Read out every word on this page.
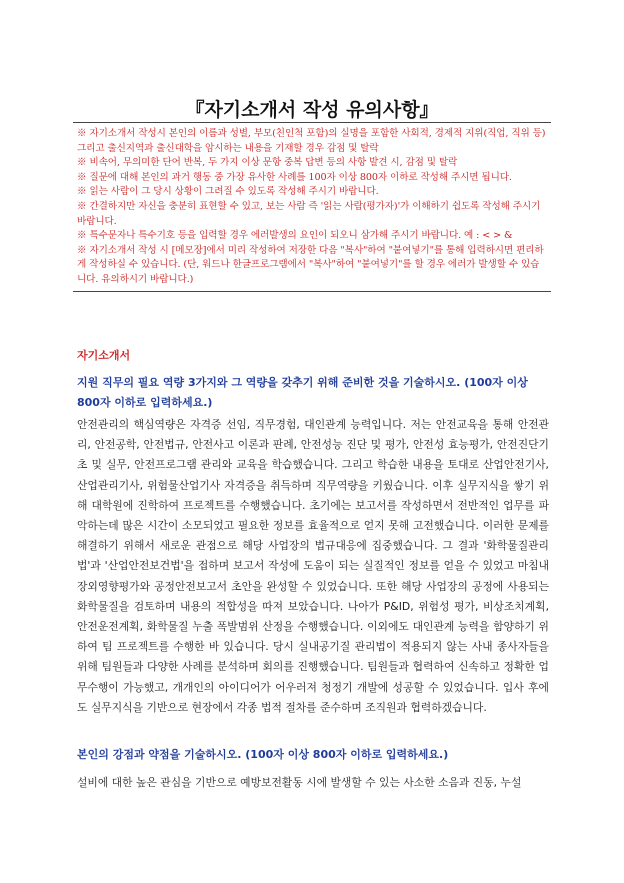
『자기소개서 작성 유의사항』
※ 자기소개서 작성시 본인의 이름과 성별, 부모(친인척 포함)의 실명을 포함한 사회적, 경제적 지위(직업, 직위 등) 그리고 출신지역과 출신대학을 암시하는 내용을 기재할 경우 감점 및 탈락
※ 비속어, 무의미한 단어 반복, 두 가지 이상 문항 중복 답변 등의 사항 발견 시, 감점 및 탈락
※ 질문에 대해 본인의 과거 행동 중 가장 유사한 사례를 100자 이상 800자 이하로 작성해 주시면 됩니다.
※ 읽는 사람이 그 당시 상황이 그려질 수 있도록 작성해 주시기 바랍니다.
※ 간결하지만 자신을 충분히 표현할 수 있고, 보는 사람 즉 '읽는 사람(평가자)'가 이해하기 쉽도록 작성해 주시기 바랍니다.
※ 특수문자나 특수기호 등을 입력할 경우 에러발생의 요인이 되오니 삼가해 주시기 바랍니다. 예 : < > &
※ 자기소개서 작성 시 [메모장]에서 미리 작성하여 저장한 다음 "복사"하여 "붙여넣기"를 통해 입력하시면 편리하게 작성하실 수 있습니다. (단, 워드나 한글프로그램에서 "복사"하여 "붙여넣기"를 할 경우 에러가 발생할 수 있습니다. 유의하시기 바랍니다.)
자기소개서
지원 직무의 필요 역량 3가지와 그 역량을 갖추기 위해 준비한 것을 기술하시오. (100자 이상 800자 이하로 입력하세요.)
안전관리의 핵심역량은 자격증 선임, 직무경험, 대인관계 능력입니다. 저는 안전교육을 통해 안전관리, 안전공학, 안전법규, 안전사고 이론과 판례, 안전성능 진단 및 평가, 안전성 효능평가, 안전진단기초 및 실무, 안전프로그램 관리와 교육을 학습했습니다. 그리고 학습한 내용을 토대로 산업안전기사, 산업관리기사, 위험물산업기사 자격증을 취득하며 직무역량을 키웠습니다. 이후 실무지식을 쌓기 위해 대학원에 진학하여 프로젝트를 수행했습니다. 초기에는 보고서를 작성하면서 전반적인 업무를 파악하는데 많은 시간이 소모되었고 필요한 정보를 효율적으로 얻지 못해 고전했습니다. 이러한 문제를 해결하기 위해서 새로운 관점으로 해당 사업장의 법규대응에 집중했습니다. 그 결과 '화학물질관리법'과 '산업안전보건법'을 접하며 보고서 작성에 도움이 되는 실질적인 정보를 얻을 수 있었고 마침내 장외영향평가와 공정안전보고서 초안을 완성할 수 있었습니다. 또한 해당 사업장의 공정에 사용되는 화학물질을 검토하며 내용의 적합성을 따져 보았습니다. 나아가 P&ID, 위험성 평가, 비상조치계획, 안전운전계획, 화학물질 누출 폭발범위 산정을 수행했습니다. 이외에도 대인관계 능력을 함양하기 위하여 팀 프로젝트를 수행한 바 있습니다. 당시 실내공기질 관리법이 적용되지 않는 사내 종사자들을 위해 팀원들과 다양한 사례를 분석하며 회의를 진행했습니다. 팀원들과 협력하여 신속하고 정확한 업무수행이 가능했고, 개개인의 아이디어가 어우러져 청정기 개발에 성공할 수 있었습니다. 입사 후에도 실무지식을 기반으로 현장에서 각종 법적 절차를 준수하며 조직원과 협력하겠습니다.
본인의 강점과 약점을 기술하시오. (100자 이상 800자 이하로 입력하세요.)
설비에 대한 높은 관심을 기반으로 예방보전활동 시에 발생할 수 있는 사소한 소음과 진동, 누설
